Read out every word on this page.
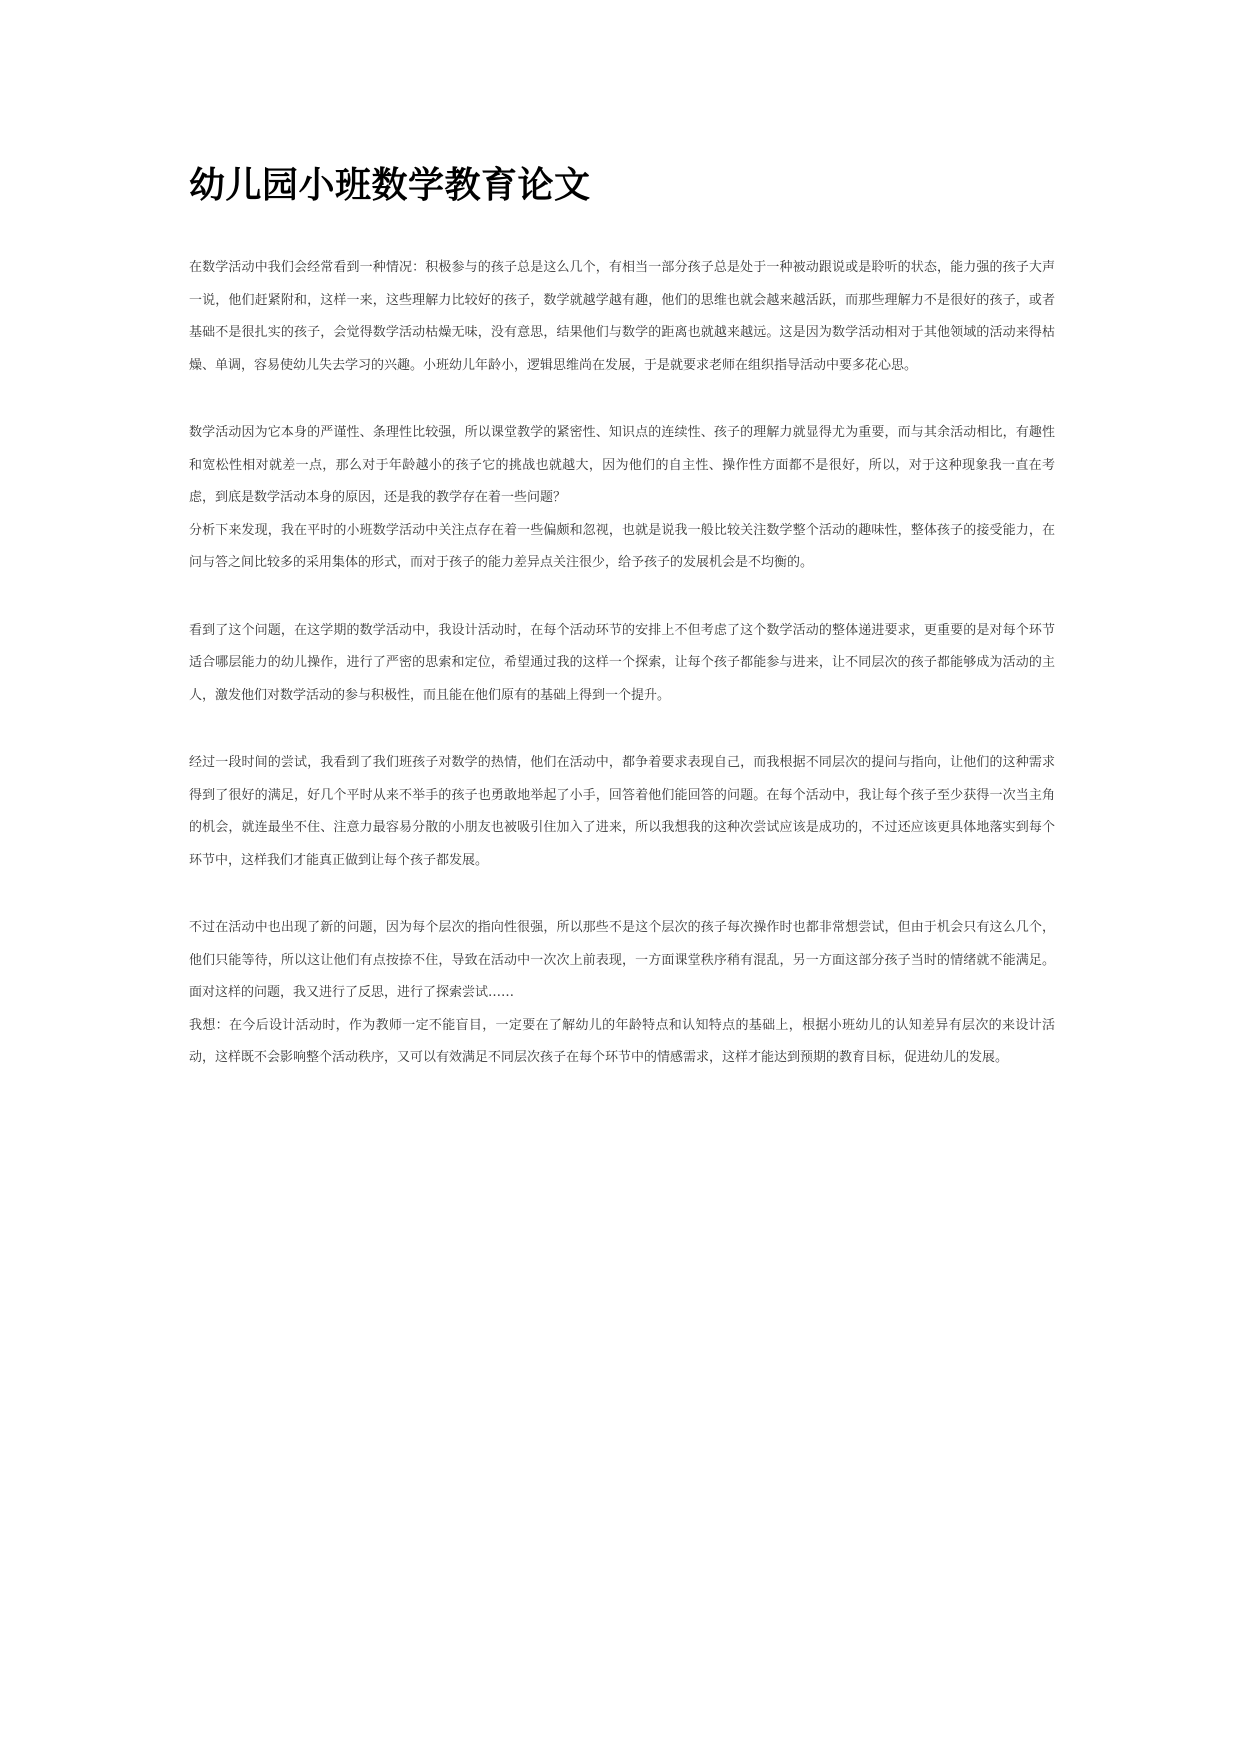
幼儿园小班数学教育论文

在数学活动中我们会经常看到一种情况：积极参与的孩子总是这么几个，有相当一部分孩子总是处于一种被动跟说或是聆听的状态，能力强的孩子大声一说，他们赶紧附和，这样一来，这些理解力比较好的孩子，数学就越学越有趣，他们的思维也就会越来越活跃，而那些理解力不是很好的孩子，或者基础不是很扎实的孩子，会觉得数学活动枯燥无味，没有意思，结果他们与数学的距离也就越来越远。这是因为数学活动相对于其他领域的活动来得枯燥、单调，容易使幼儿失去学习的兴趣。小班幼儿年龄小，逻辑思维尚在发展，于是就要求老师在组织指导活动中要多花心思。

数学活动因为它本身的严谨性、条理性比较强，所以课堂教学的紧密性、知识点的连续性、孩子的理解力就显得尤为重要，而与其余活动相比，有趣性和宽松性相对就差一点，那么对于年龄越小的孩子它的挑战也就越大，因为他们的自主性、操作性方面都不是很好，所以，对于这种现象我一直在考虑，到底是数学活动本身的原因，还是我的教学存在着一些问题？

分析下来发现，我在平时的小班数学活动中关注点存在着一些偏颇和忽视，也就是说我一般比较关注数学整个活动的趣味性，整体孩子的接受能力，在问与答之间比较多的采用集体的形式，而对于孩子的能力差异点关注很少，给予孩子的发展机会是不均衡的。

看到了这个问题，在这学期的数学活动中，我设计活动时，在每个活动环节的安排上不但考虑了这个数学活动的整体递进要求，更重要的是对每个环节适合哪层能力的幼儿操作，进行了严密的思索和定位，希望通过我的这样一个探索，让每个孩子都能参与进来，让不同层次的孩子都能够成为活动的主人，激发他们对数学活动的参与积极性，而且能在他们原有的基础上得到一个提升。

经过一段时间的尝试，我看到了我们班孩子对数学的热情，他们在活动中，都争着要求表现自己，而我根据不同层次的提问与指向，让他们的这种需求得到了很好的满足，好几个平时从来不举手的孩子也勇敢地举起了小手，回答着他们能回答的问题。在每个活动中，我让每个孩子至少获得一次当主角的机会，就连最坐不住、注意力最容易分散的小朋友也被吸引住加入了进来，所以我想我的这种次尝试应该是成功的，不过还应该更具体地落实到每个环节中，这样我们才能真正做到让每个孩子都发展。

不过在活动中也出现了新的问题，因为每个层次的指向性很强，所以那些不是这个层次的孩子每次操作时也都非常想尝试，但由于机会只有这么几个，他们只能等待，所以这让他们有点按捺不住，导致在活动中一次次上前表现，一方面课堂秩序稍有混乱，另一方面这部分孩子当时的情绪就不能满足。面对这样的问题，我又进行了反思，进行了探索尝试……

我想：在今后设计活动时，作为教师一定不能盲目，一定要在了解幼儿的年龄特点和认知特点的基础上，根据小班幼儿的认知差异有层次的来设计活动，这样既不会影响整个活动秩序，又可以有效满足不同层次孩子在每个环节中的情感需求，这样才能达到预期的教育目标，促进幼儿的发展。
